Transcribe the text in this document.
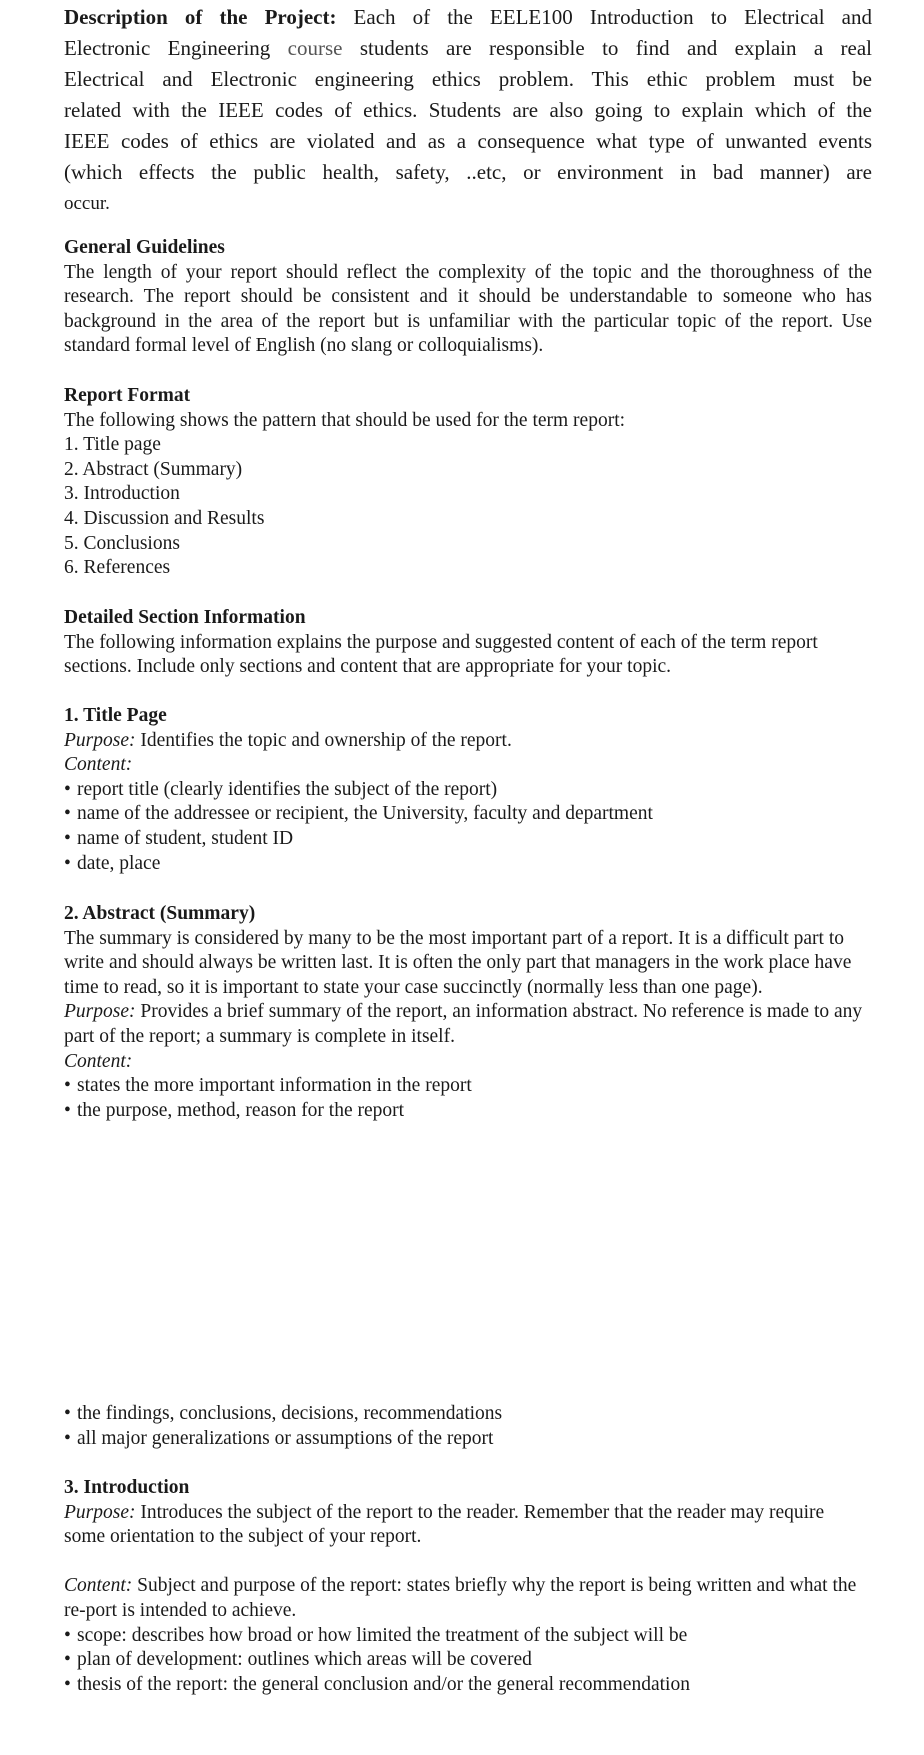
Description of the Project: Each of the EELE100 Introduction to Electrical and
Electronic Engineering course students are responsible to find and explain a real
Electrical and Electronic engineering ethics problem. This ethic problem must be
related with the IEEE codes of ethics. Students are also going to explain which of the
IEEE codes of ethics are violated and as a consequence what type of unwanted events
(which effects the public health, safety, ..etc, or environment in bad manner) are
occur.

General Guidelines

The length of your report should reflect the complexity of the topic and the thoroughness of the research. The report should be consistent and it should be understandable to someone who has background in the area of the report but is unfamiliar with the particular topic of the report. Use standard formal level of English (no slang or colloquialisms).

Report Format

The following shows the pattern that should be used for the term report:

1. Title page

2. Abstract (Summary)

3. Introduction

4. Discussion and Results

5. Conclusions

6. References

Detailed Section Information

The following information explains the purpose and suggested content of each of the term report sections. Include only sections and content that are appropriate for your topic.

1. Title Page

Purpose: Identifies the topic and ownership of the report.

Content:

• report title (clearly identifies the subject of the report)

• name of the addressee or recipient, the University, faculty and department

• name of student, student ID

• date, place

2. Abstract (Summary)

The summary is considered by many to be the most important part of a report. It is a difficult part to write and should always be written last. It is often the only part that managers in the work place have time to read, so it is important to state your case succinctly (normally less than one page).

Purpose: Provides a brief summary of the report, an information abstract. No reference is made to any part of the report; a summary is complete in itself.

Content:

• states the more important information in the report

• the purpose, method, reason for the report

• the findings, conclusions, decisions, recommendations

• all major generalizations or assumptions of the report

3. Introduction

Purpose: Introduces the subject of the report to the reader. Remember that the reader may require some orientation to the subject of your report.

Content: Subject and purpose of the report: states briefly why the report is being written and what the re-port is intended to achieve.

• scope: describes how broad or how limited the treatment of the subject will be

• plan of development: outlines which areas will be covered

• thesis of the report: the general conclusion and/or the general recommendation
